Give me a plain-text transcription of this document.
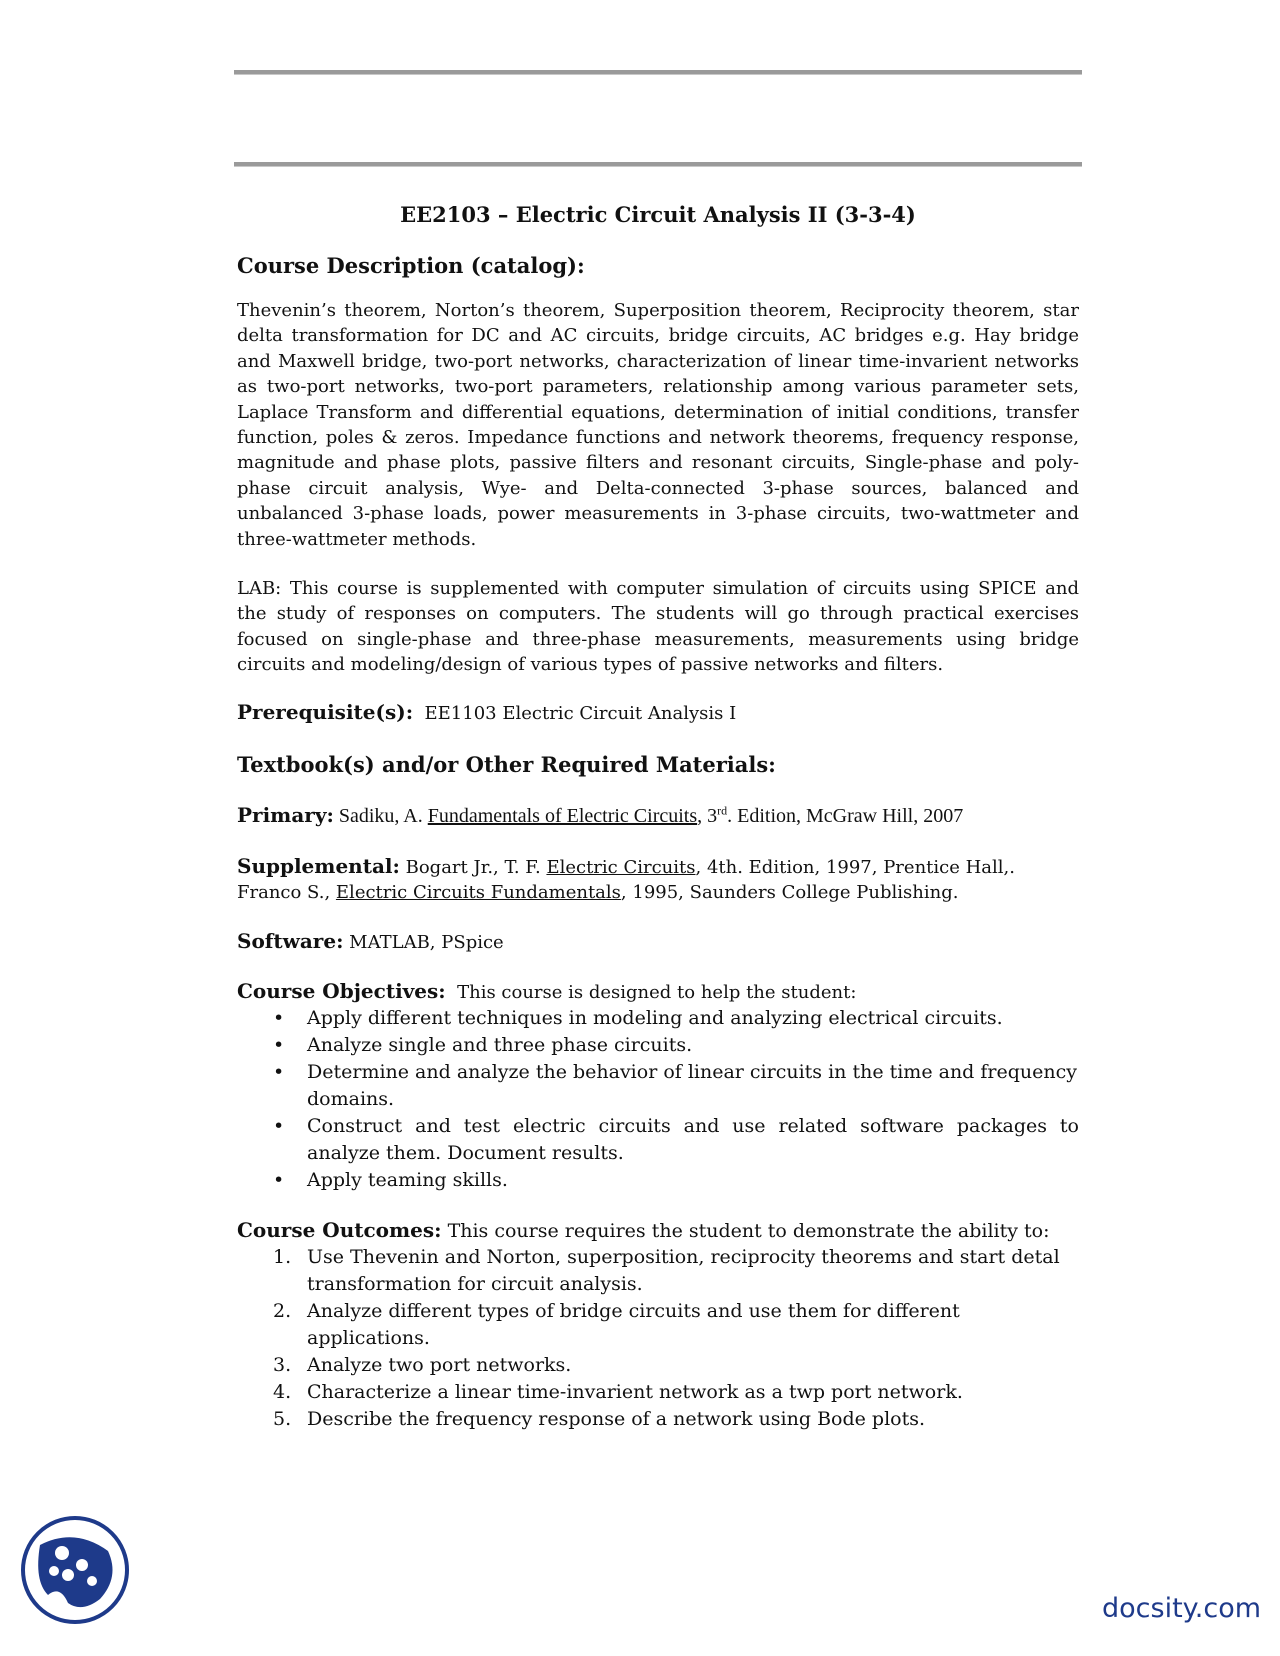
EE2103 – Electric Circuit Analysis II (3-3-4)

Course Description (catalog):

Thevenin’s theorem, Norton’s theorem, Superposition theorem, Reciprocity theorem, star delta transformation for DC and AC circuits, bridge circuits, AC bridges e.g. Hay bridge and Maxwell bridge, two-port networks, characterization of linear time-invarient networks as two-port networks, two-port parameters, relationship among various parameter sets, Laplace Transform and differential equations, determination of initial conditions, transfer function, poles & zeros. Impedance functions and network theorems, frequency response, magnitude and phase plots, passive filters and resonant circuits, Single-phase and poly-phase circuit analysis, Wye- and Delta-connected 3-phase sources, balanced and unbalanced 3-phase loads, power measurements in 3-phase circuits, two-wattmeter and three-wattmeter methods.

LAB: This course is supplemented with computer simulation of circuits using SPICE and the study of responses on computers. The students will go through practical exercises focused on single-phase and three-phase measurements, measurements using bridge circuits and modeling/design of various types of passive networks and filters.

Prerequisite(s): EE1103 Electric Circuit Analysis I

Textbook(s) and/or Other Required Materials:

Primary: Sadiku, A. Fundamentals of Electric Circuits, 3rd. Edition, McGraw Hill, 2007

Supplemental: Bogart Jr., T. F. Electric Circuits, 4th. Edition, 1997, Prentice Hall,.
Franco S., Electric Circuits Fundamentals, 1995, Saunders College Publishing.

Software: MATLAB, PSpice

Course Objectives:  This course is designed to help the student:

• Apply different techniques in modeling and analyzing electrical circuits.
• Analyze single and three phase circuits.
• Determine and analyze the behavior of linear circuits in the time and frequency domains.
• Construct and test electric circuits and use related software packages to analyze them. Document results.
• Apply teaming skills.

Course Outcomes: This course requires the student to demonstrate the ability to:

1. Use Thevenin and Norton, superposition, reciprocity theorems and start detal transformation for circuit analysis.
2. Analyze different types of bridge circuits and use them for different applications.
3. Analyze two port networks.
4. Characterize a linear time-invarient network as a twp port network.
5. Describe the frequency response of a network using Bode plots.
docsity.com
